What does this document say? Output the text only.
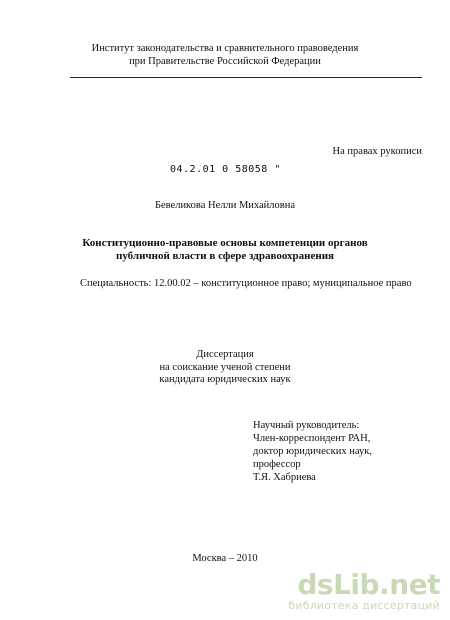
Институт законодательства и сравнительного правоведения
при Правительстве Российской Федерации
На правах рукописи
04.2.01 0 58058 "
Бевеликова Нелли Михайловна
Конституционно-правовые основы компетенции органов
публичной власти в сфере здравоохранения
Специальность: 12.00.02 – конституционное право; муниципальное право
Диссертация
на соискание ученой степени
кандидата юридических наук
Научный руководитель:
Член-корреспондент РАН,
доктор юридических наук,
профессор
Т.Я. Хабриева
Москва – 2010
dsLib.net
библиотека диссертаций
